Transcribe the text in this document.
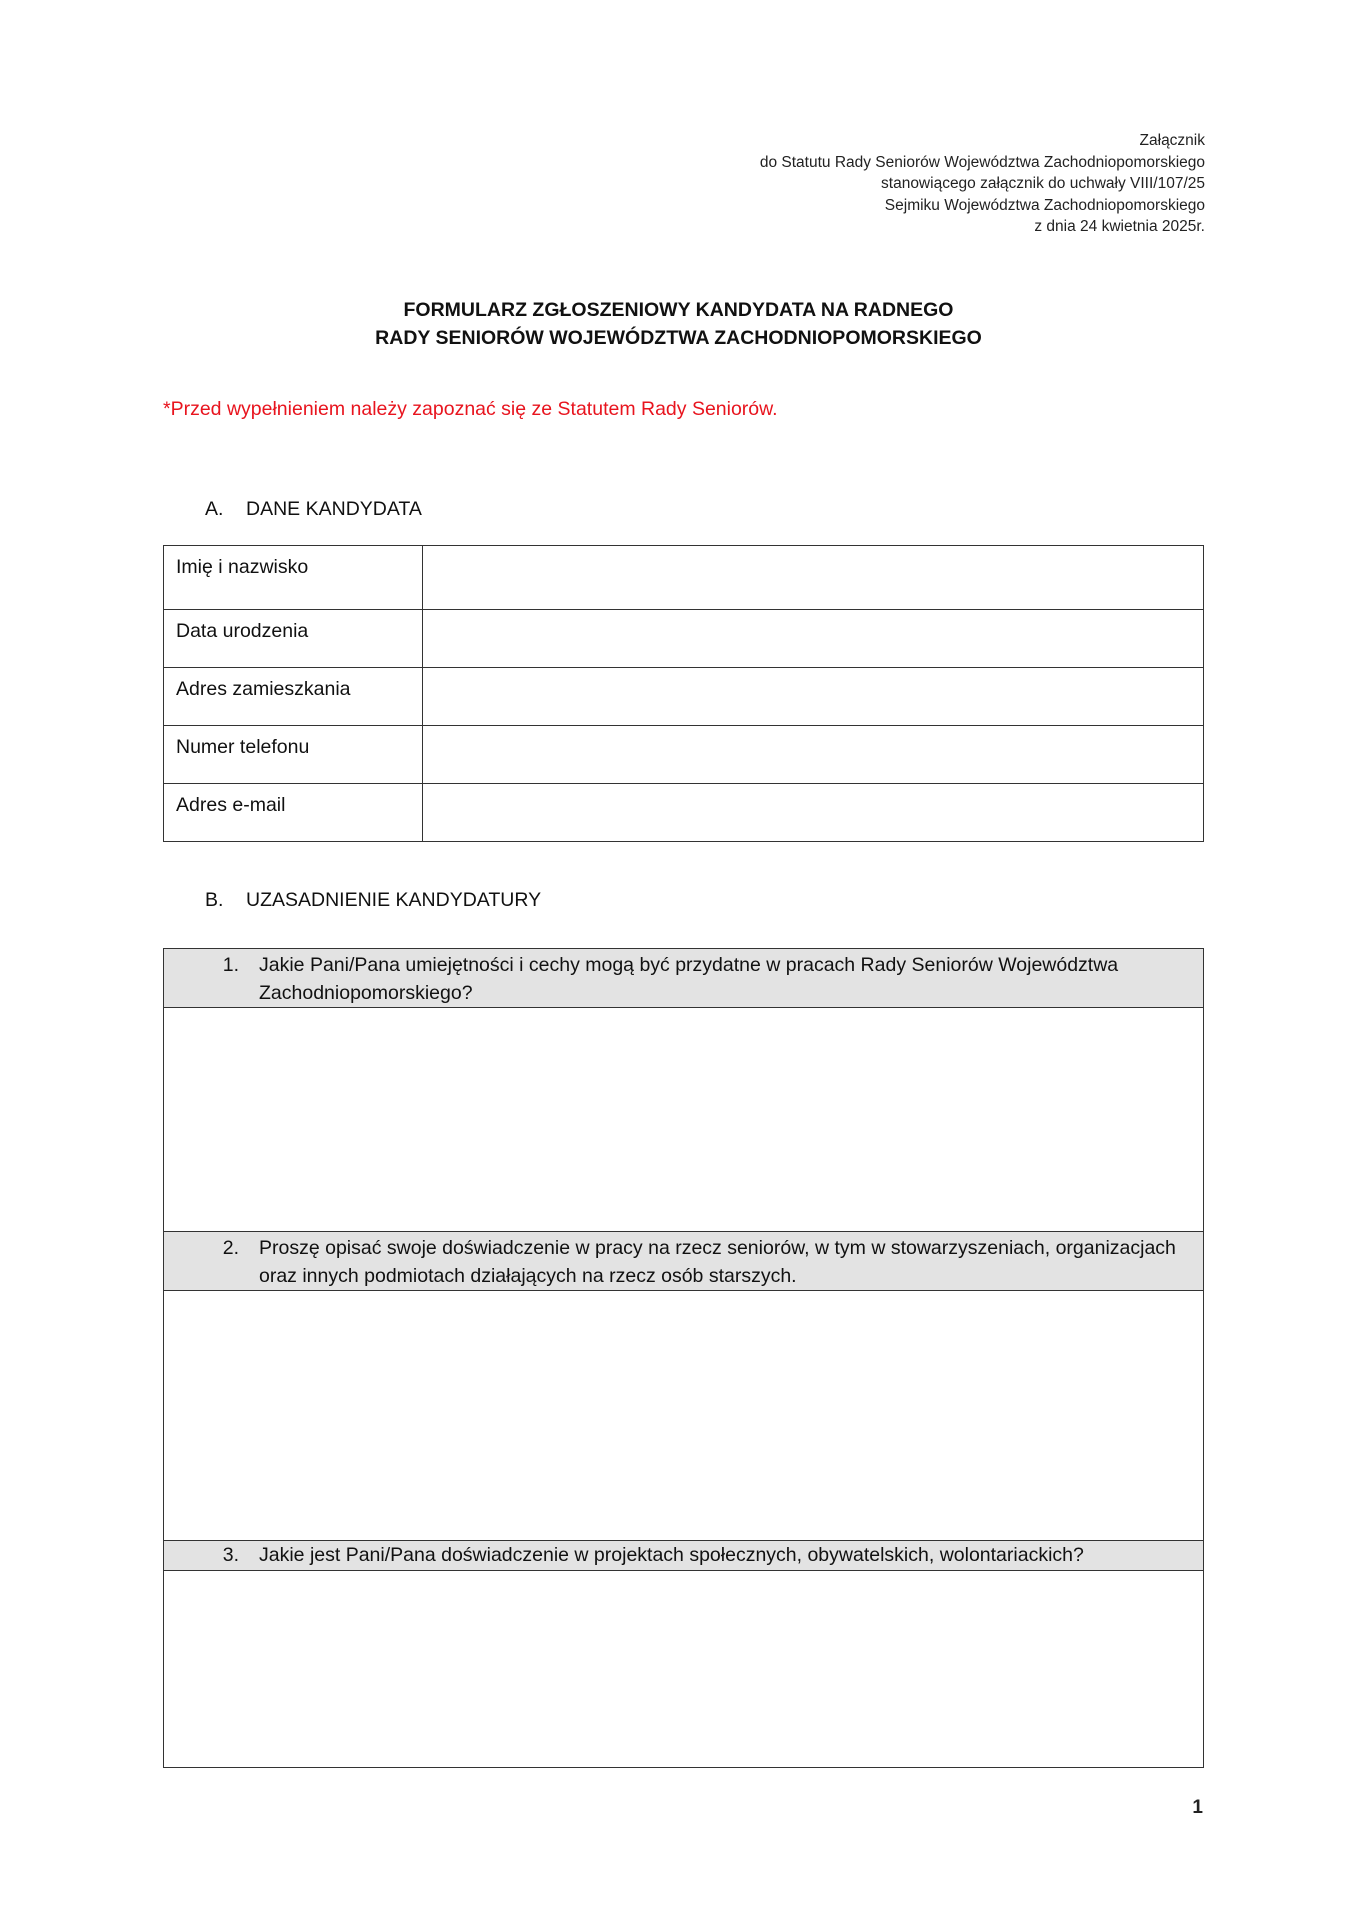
Załącznik
do Statutu Rady Seniorów Województwa Zachodniopomorskiego
stanowiącego załącznik do uchwały VIII/107/25
Sejmiku Województwa Zachodniopomorskiego
z dnia 24 kwietnia 2025r.
FORMULARZ ZGŁOSZENIOWY KANDYDATA NA RADNEGO
RADY SENIORÓW WOJEWÓDZTWA ZACHODNIOPOMORSKIEGO
*Przed wypełnieniem należy zapoznać się ze Statutem Rady Seniorów.
A. DANE KANDYDATA
Imię i nazwisko	

Data urodzenia	

Adres zamieszkania	

Numer telefonu	

Adres e-mail	
B. UZASADNIENIE KANDYDATURY
1.	Jakie Pani/Pana umiejętności i cechy mogą być przydatne w pracach Rady Seniorów Województwa Zachodniopomorskiego?
2.	Proszę opisać swoje doświadczenie w pracy na rzecz seniorów, w tym w stowarzyszeniach, organizacjach oraz innych podmiotach działających na rzecz osób starszych.
3.	Jakie jest Pani/Pana doświadczenie w projektach społecznych, obywatelskich, wolontariackich?
1
